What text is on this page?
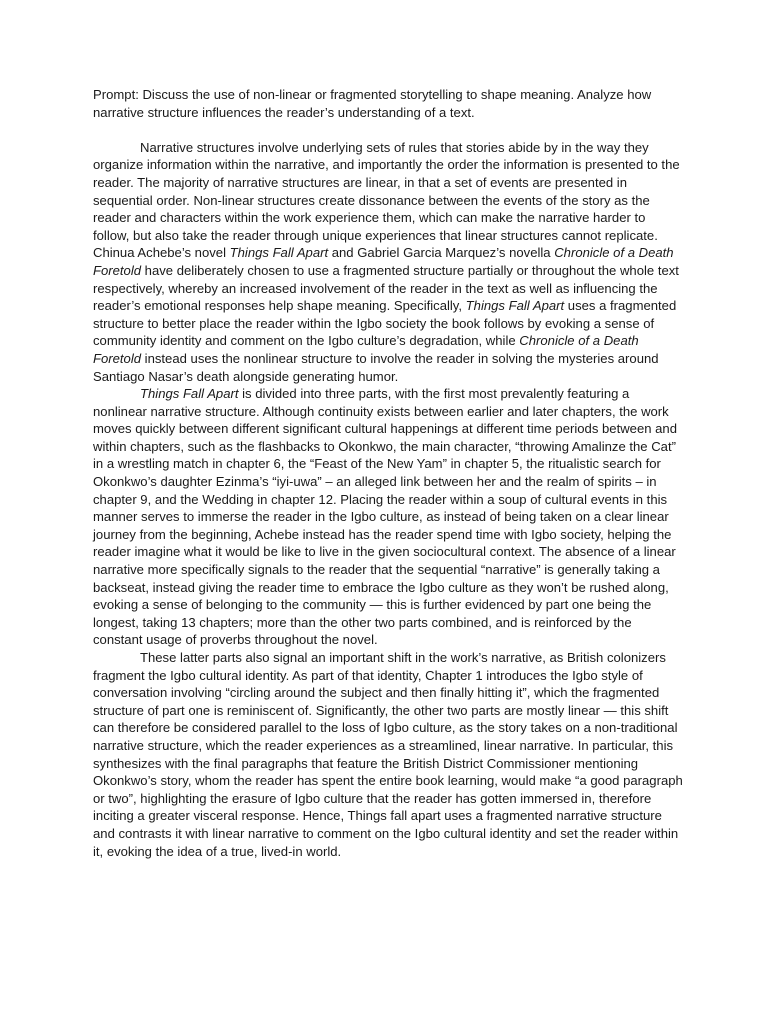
Prompt: Discuss the use of non-linear or fragmented storytelling to shape meaning. Analyze how narrative structure influences the reader’s understanding of a text.

Narrative structures involve underlying sets of rules that stories abide by in the way they organize information within the narrative, and importantly the order the information is presented to the reader. The majority of narrative structures are linear, in that a set of events are presented in sequential order. Non-linear structures create dissonance between the events of the story as the reader and characters within the work experience them, which can make the narrative harder to follow, but also take the reader through unique experiences that linear structures cannot replicate. Chinua Achebe’s novel Things Fall Apart and Gabriel Garcia Marquez’s novella Chronicle of a Death Foretold have deliberately chosen to use a fragmented structure partially or throughout the whole text respectively, whereby an increased involvement of the reader in the text as well as influencing the reader’s emotional responses help shape meaning. Specifically, Things Fall Apart uses a fragmented structure to better place the reader within the Igbo society the book follows by evoking a sense of community identity and comment on the Igbo culture’s degradation, while Chronicle of a Death Foretold instead uses the nonlinear structure to involve the reader in solving the mysteries around Santiago Nasar’s death alongside generating humor.

Things Fall Apart is divided into three parts, with the first most prevalently featuring a nonlinear narrative structure. Although continuity exists between earlier and later chapters, the work moves quickly between different significant cultural happenings at different time periods between and within chapters, such as the flashbacks to Okonkwo, the main character, “throwing Amalinze the Cat” in a wrestling match in chapter 6, the “Feast of the New Yam” in chapter 5, the ritualistic search for Okonkwo’s daughter Ezinma’s “iyi-uwa” – an alleged link between her and the realm of spirits – in chapter 9, and the Wedding in chapter 12. Placing the reader within a soup of cultural events in this manner serves to immerse the reader in the Igbo culture, as instead of being taken on a clear linear journey from the beginning, Achebe instead has the reader spend time with Igbo society, helping the reader imagine what it would be like to live in the given sociocultural context. The absence of a linear narrative more specifically signals to the reader that the sequential “narrative” is generally taking a backseat, instead giving the reader time to embrace the Igbo culture as they won’t be rushed along, evoking a sense of belonging to the community — this is further evidenced by part one being the longest, taking 13 chapters; more than the other two parts combined, and is reinforced by the constant usage of proverbs throughout the novel.

These latter parts also signal an important shift in the work’s narrative, as British colonizers fragment the Igbo cultural identity. As part of that identity, Chapter 1 introduces the Igbo style of conversation involving “circling around the subject and then finally hitting it”, which the fragmented structure of part one is reminiscent of. Significantly, the other two parts are mostly linear — this shift can therefore be considered parallel to the loss of Igbo culture, as the story takes on a non-traditional narrative structure, which the reader experiences as a streamlined, linear narrative. In particular, this synthesizes with the final paragraphs that feature the British District Commissioner mentioning Okonkwo’s story, whom the reader has spent the entire book learning, would make “a good paragraph or two”, highlighting the erasure of Igbo culture that the reader has gotten immersed in, therefore inciting a greater visceral response. Hence, Things fall apart uses a fragmented narrative structure and contrasts it with linear narrative to comment on the Igbo cultural identity and set the reader within it, evoking the idea of a true, lived-in world.
